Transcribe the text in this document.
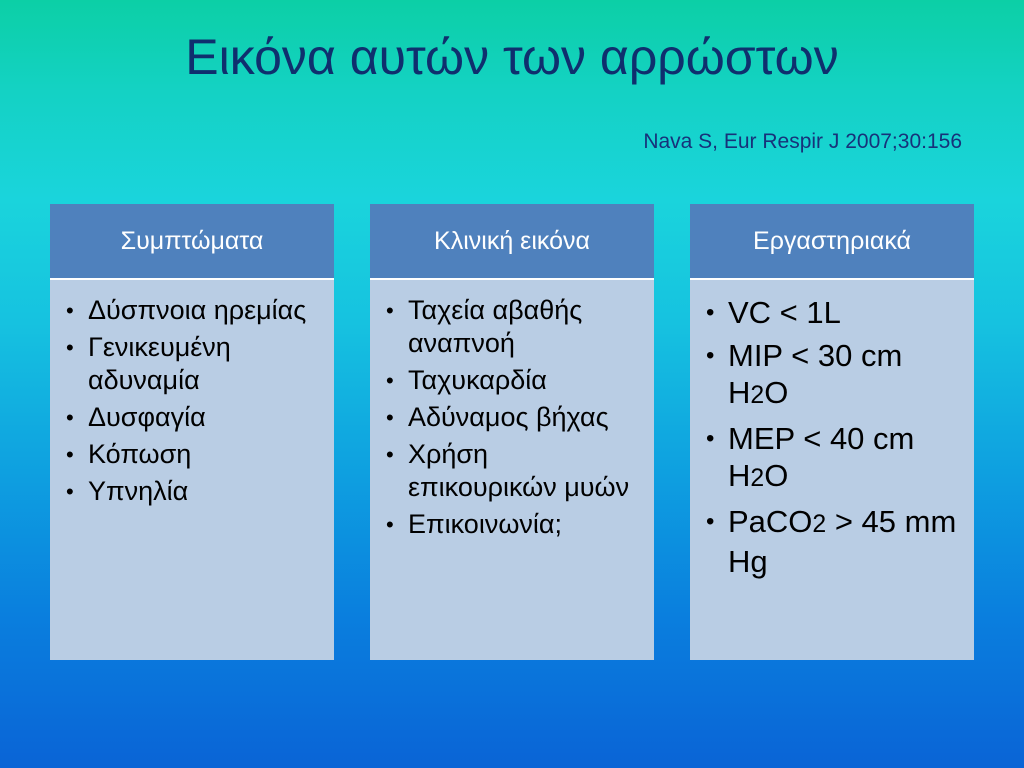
Εικόνα αυτών των αρρώστων
Nava S, Eur Respir J 2007;30:156
Συμπτώματα
• Δύσπνοια ηρεμίας
• Γενικευμένη αδυναμία
• Δυσφαγία
• Κόπωση
• Υπνηλία
Κλινική εικόνα
• Ταχεία αβαθής αναπνοή
• Ταχυκαρδία
• Αδύναμος βήχας
• Χρήση επικουρικών μυών
• Επικοινωνία;
Εργαστηριακά
• VC < 1L
• MIP < 30 cm H2O
• MEP < 40 cm H2O
• PaCO2 > 45 mm Hg
